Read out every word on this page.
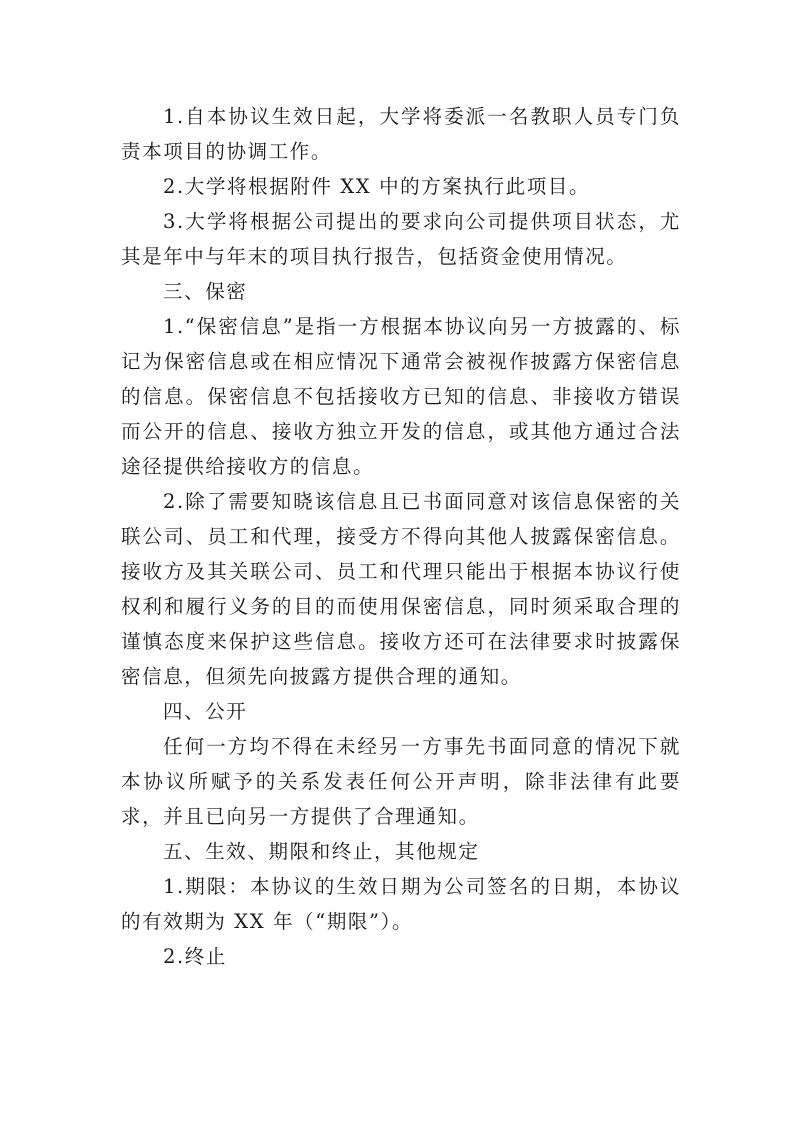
1.自本协议生效日起，大学将委派一名教职人员专门负责本项目的协调工作。

2.大学将根据附件 XX 中的方案执行此项目。

3.大学将根据公司提出的要求向公司提供项目状态，尤其是年中与年末的项目执行报告，包括资金使用情况。

三、保密

1.“保密信息”是指一方根据本协议向另一方披露的、标记为保密信息或在相应情况下通常会被视作披露方保密信息的信息。保密信息不包括接收方已知的信息、非接收方错误而公开的信息、接收方独立开发的信息，或其他方通过合法途径提供给接收方的信息。

2.除了需要知晓该信息且已书面同意对该信息保密的关联公司、员工和代理，接受方不得向其他人披露保密信息。接收方及其关联公司、员工和代理只能出于根据本协议行使权利和履行义务的目的而使用保密信息，同时须采取合理的谨慎态度来保护这些信息。接收方还可在法律要求时披露保密信息，但须先向披露方提供合理的通知。

四、公开

任何一方均不得在未经另一方事先书面同意的情况下就本协议所赋予的关系发表任何公开声明，除非法律有此要求，并且已向另一方提供了合理通知。

五、生效、期限和终止，其他规定

1.期限：本协议的生效日期为公司签名的日期，本协议的有效期为 XX 年（“期限”）。

2.终止
